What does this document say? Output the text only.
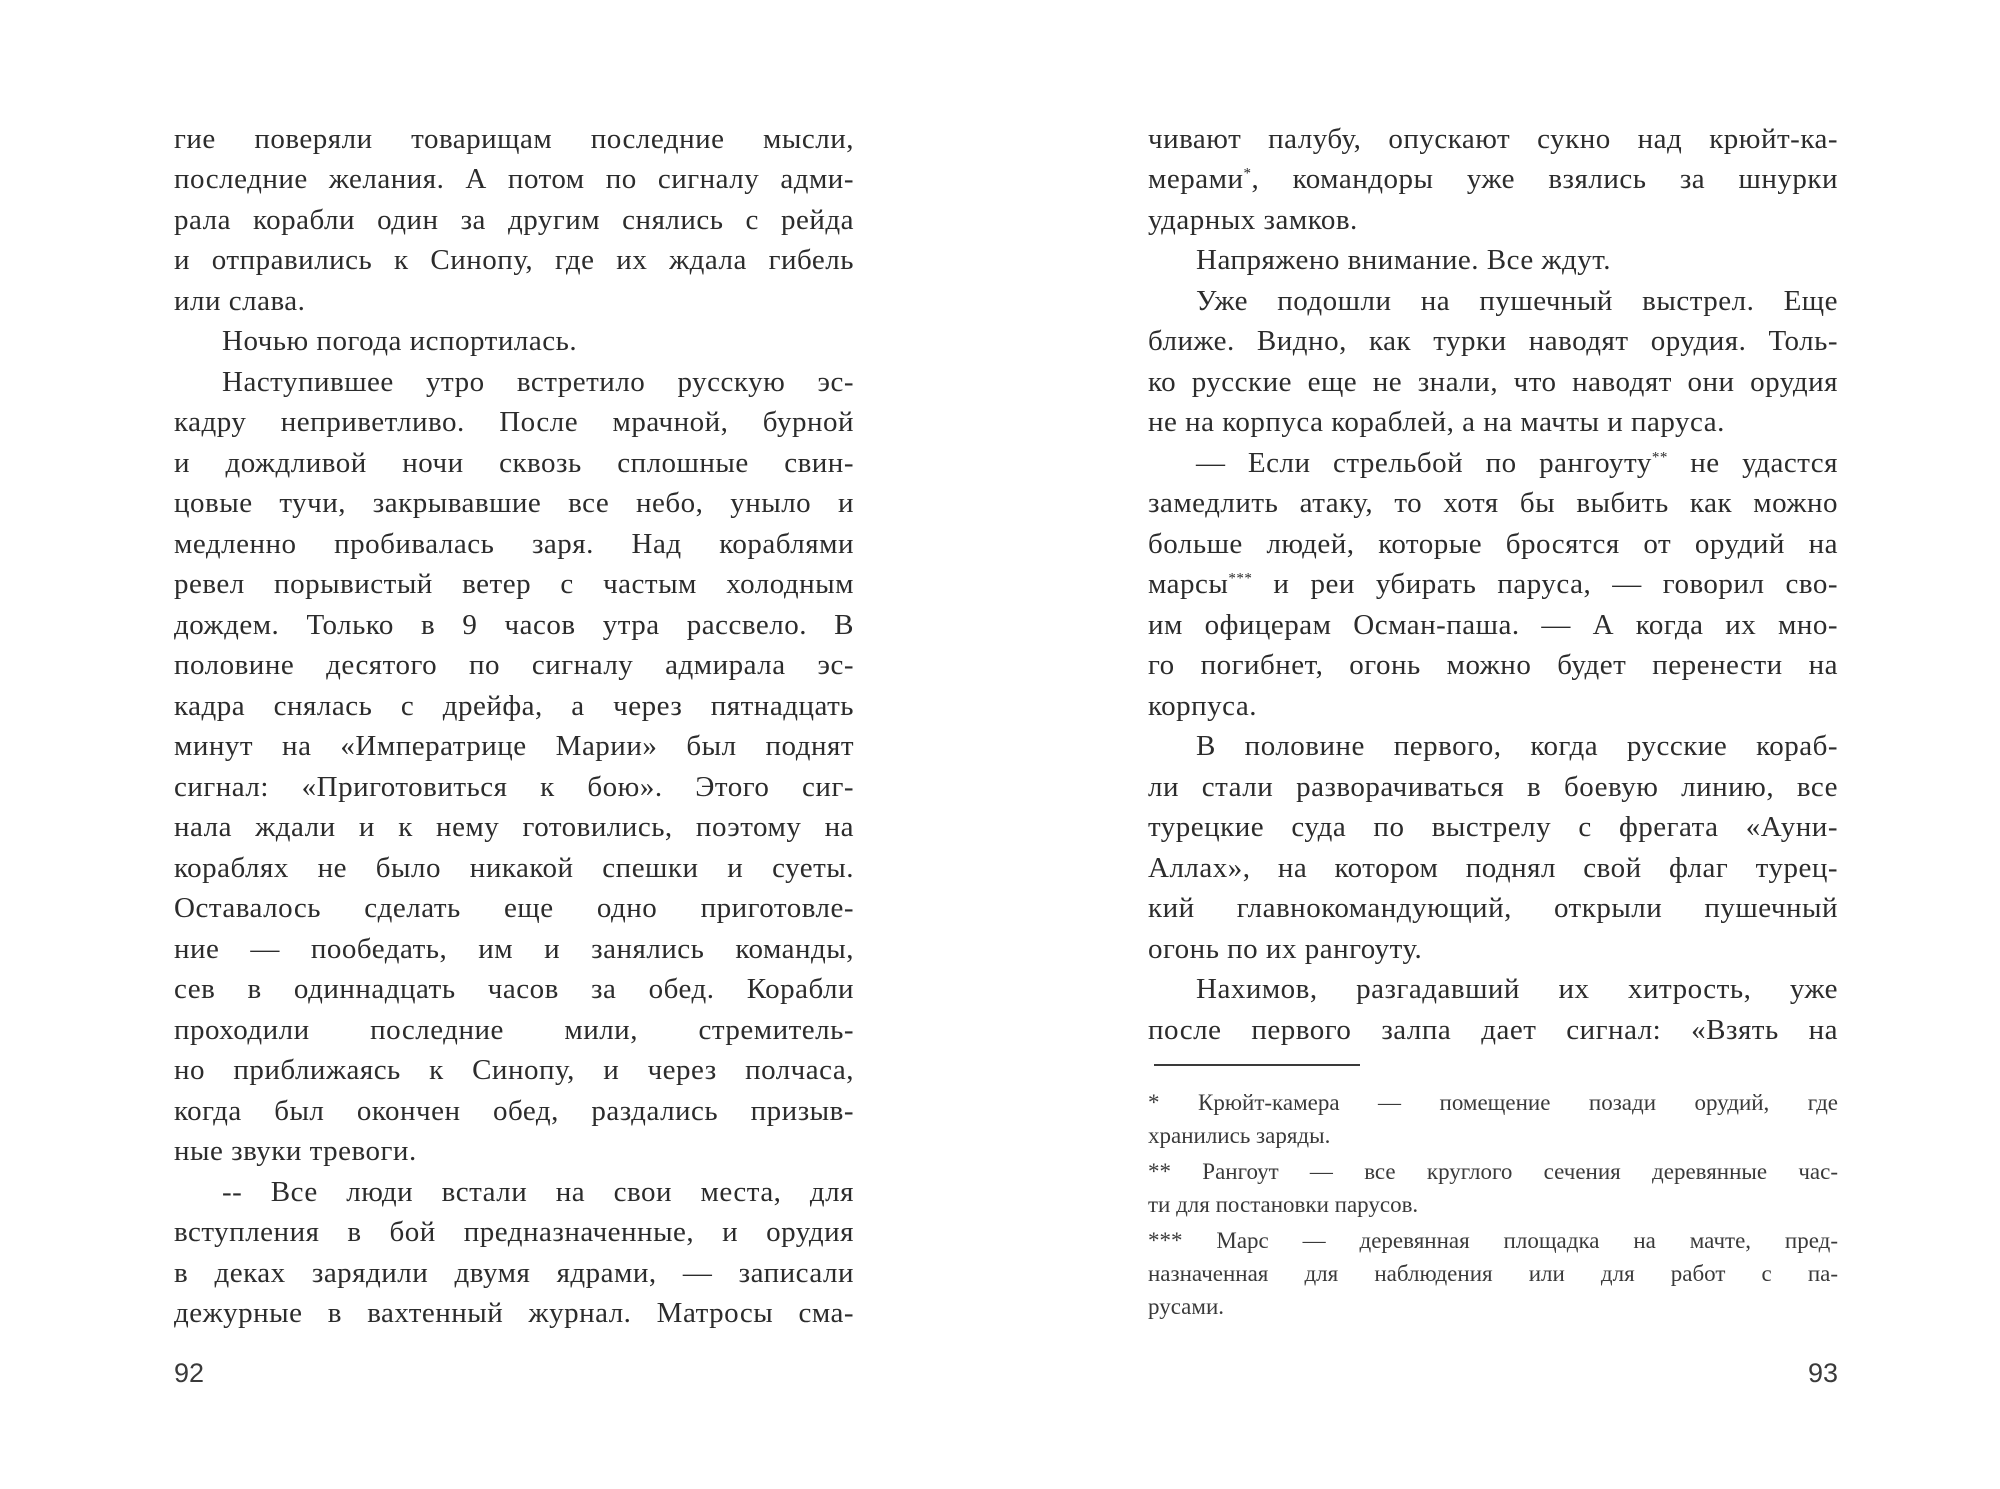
гие поверяли товарищам последние мысли,
последние желания. А потом по сигналу адми-
рала корабли один за другим снялись с рейда
и отправились к Синопу, где их ждала гибель
или слава.
Ночью погода испортилась.
Наступившее утро встретило русскую эс-
кадру неприветливо. После мрачной, бурной
и дождливой ночи сквозь сплошные свин-
цовые тучи, закрывавшие все небо, уныло и
медленно пробивалась заря. Над кораблями
ревел порывистый ветер с частым холодным
дождем. Только в 9 часов утра рассвело. В
половине десятого по сигналу адмирала эс-
кадра снялась с дрейфа, а через пятнадцать
минут на «Императрице Марии» был поднят
сигнал: «Приготовиться к бою». Этого сиг-
нала ждали и к нему готовились, поэтому на
кораблях не было никакой спешки и суеты.
Оставалось сделать еще одно приготовле-
ние — пообедать, им и занялись команды,
сев в одиннадцать часов за обед. Корабли
проходили последние мили, стремитель-
но приближаясь к Синопу, и через полчаса,
когда был окончен обед, раздались призыв-
ные звуки тревоги.
-- Все люди встали на свои места, для
вступления в бой предназначенные, и орудия
в деках зарядили двумя ядрами, — записали
дежурные в вахтенный журнал. Матросы сма-
92
чивают палубу, опускают сукно над крюйт-ка-
мерами*, командоры уже взялись за шнурки
ударных замков.
Напряжено внимание. Все ждут.
Уже подошли на пушечный выстрел. Еще
ближе. Видно, как турки наводят орудия. Толь-
ко русские еще не знали, что наводят они орудия
не на корпуса кораблей, а на мачты и паруса.
— Если стрельбой по рангоуту** не удастся
замедлить атаку, то хотя бы выбить как можно
больше людей, которые бросятся от орудий на
марсы*** и реи убирать паруса, — говорил сво-
им офицерам Осман-паша. — А когда их мно-
го погибнет, огонь можно будет перенести на
корпуса.
В половине первого, когда русские кораб-
ли стали разворачиваться в боевую линию, все
турецкие суда по выстрелу с фрегата «Ауни-
Аллах», на котором поднял свой флаг турец-
кий главнокомандующий, открыли пушечный
огонь по их рангоуту.
Нахимов, разгадавший их хитрость, уже
после первого залпа дает сигнал: «Взять на
* Крюйт-камера — помещение позади орудий, где
хранились заряды.
** Рангоут — все круглого сечения деревянные час-
ти для постановки парусов.
*** Марс — деревянная площадка на мачте, пред-
назначенная для наблюдения или для работ с па-
русами.
93
